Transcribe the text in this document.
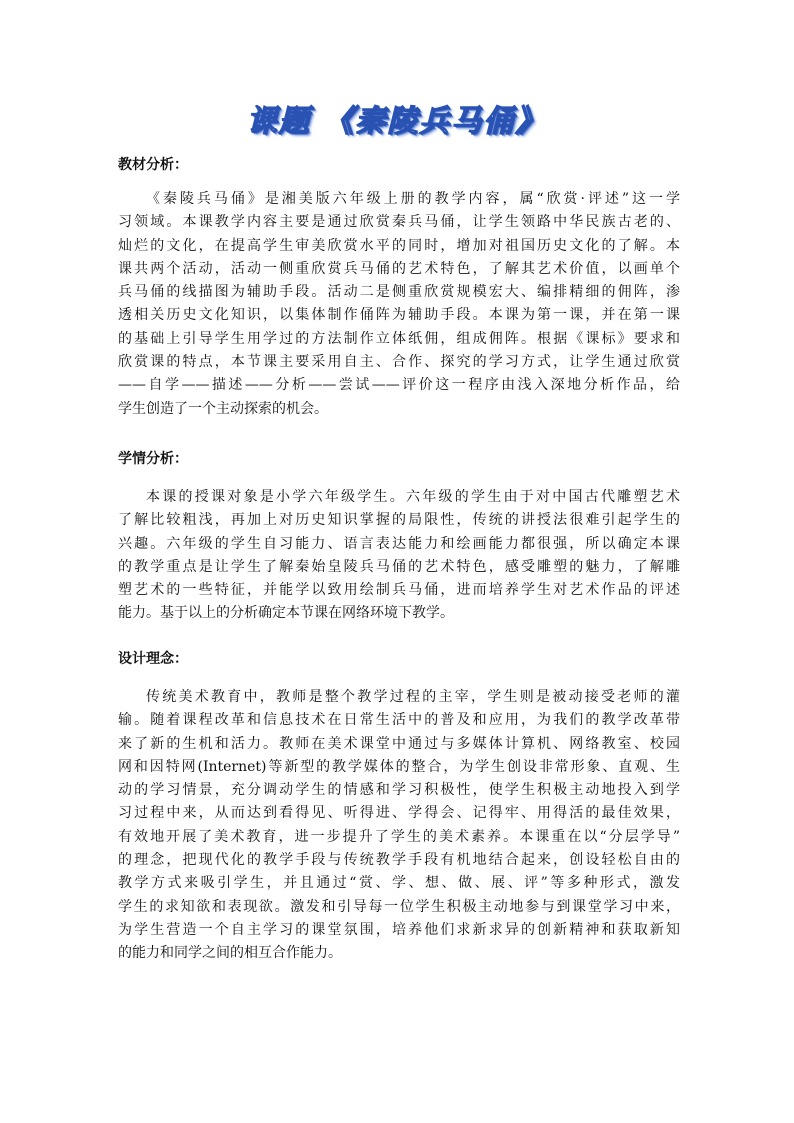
课题 《秦陵兵马俑》
教材分析：
《秦陵兵马俑》是湘美版六年级上册的教学内容，属“欣赏·评述”这一学
习领域。本课教学内容主要是通过欣赏秦兵马俑，让学生领路中华民族古老的、
灿烂的文化，在提高学生审美欣赏水平的同时，增加对祖国历史文化的了解。本
课共两个活动，活动一侧重欣赏兵马俑的艺术特色，了解其艺术价值，以画单个
兵马俑的线描图为辅助手段。活动二是侧重欣赏规模宏大、编排精细的佣阵，渗
透相关历史文化知识，以集体制作俑阵为辅助手段。本课为第一课，并在第一课
的基础上引导学生用学过的方法制作立体纸佣，组成佣阵。根据《课标》要求和
欣赏课的特点，本节课主要采用自主、合作、探究的学习方式，让学生通过欣赏
——自学——描述——分析——尝试——评价这一程序由浅入深地分析作品，给
学生创造了一个主动探索的机会。
学情分析：
本课的授课对象是小学六年级学生。六年级的学生由于对中国古代雕塑艺术
了解比较粗浅，再加上对历史知识掌握的局限性，传统的讲授法很难引起学生的
兴趣。六年级的学生自习能力、语言表达能力和绘画能力都很强，所以确定本课
的教学重点是让学生了解秦始皇陵兵马俑的艺术特色，感受雕塑的魅力，了解雕
塑艺术的一些特征，并能学以致用绘制兵马俑，进而培养学生对艺术作品的评述
能力。基于以上的分析确定本节课在网络环境下教学。
设计理念：
传统美术教育中，教师是整个教学过程的主宰，学生则是被动接受老师的灌
输。随着课程改革和信息技术在日常生活中的普及和应用，为我们的教学改革带
来了新的生机和活力。教师在美术课堂中通过与多媒体计算机、网络教室、校园
网和因特网(Internet)等新型的教学媒体的整合，为学生创设非常形象、直观、生
动的学习情景，充分调动学生的情感和学习积极性，使学生积极主动地投入到学
习过程中来，从而达到看得见、听得进、学得会、记得牢、用得活的最佳效果，
有效地开展了美术教育，进一步提升了学生的美术素养。本课重在以“分层学导”
的理念，把现代化的教学手段与传统教学手段有机地结合起来，创设轻松自由的
教学方式来吸引学生，并且通过“赏、学、想、做、展、评”等多种形式，激发
学生的求知欲和表现欲。激发和引导每一位学生积极主动地参与到课堂学习中来，
为学生营造一个自主学习的课堂氛围，培养他们求新求异的创新精神和获取新知
的能力和同学之间的相互合作能力。
